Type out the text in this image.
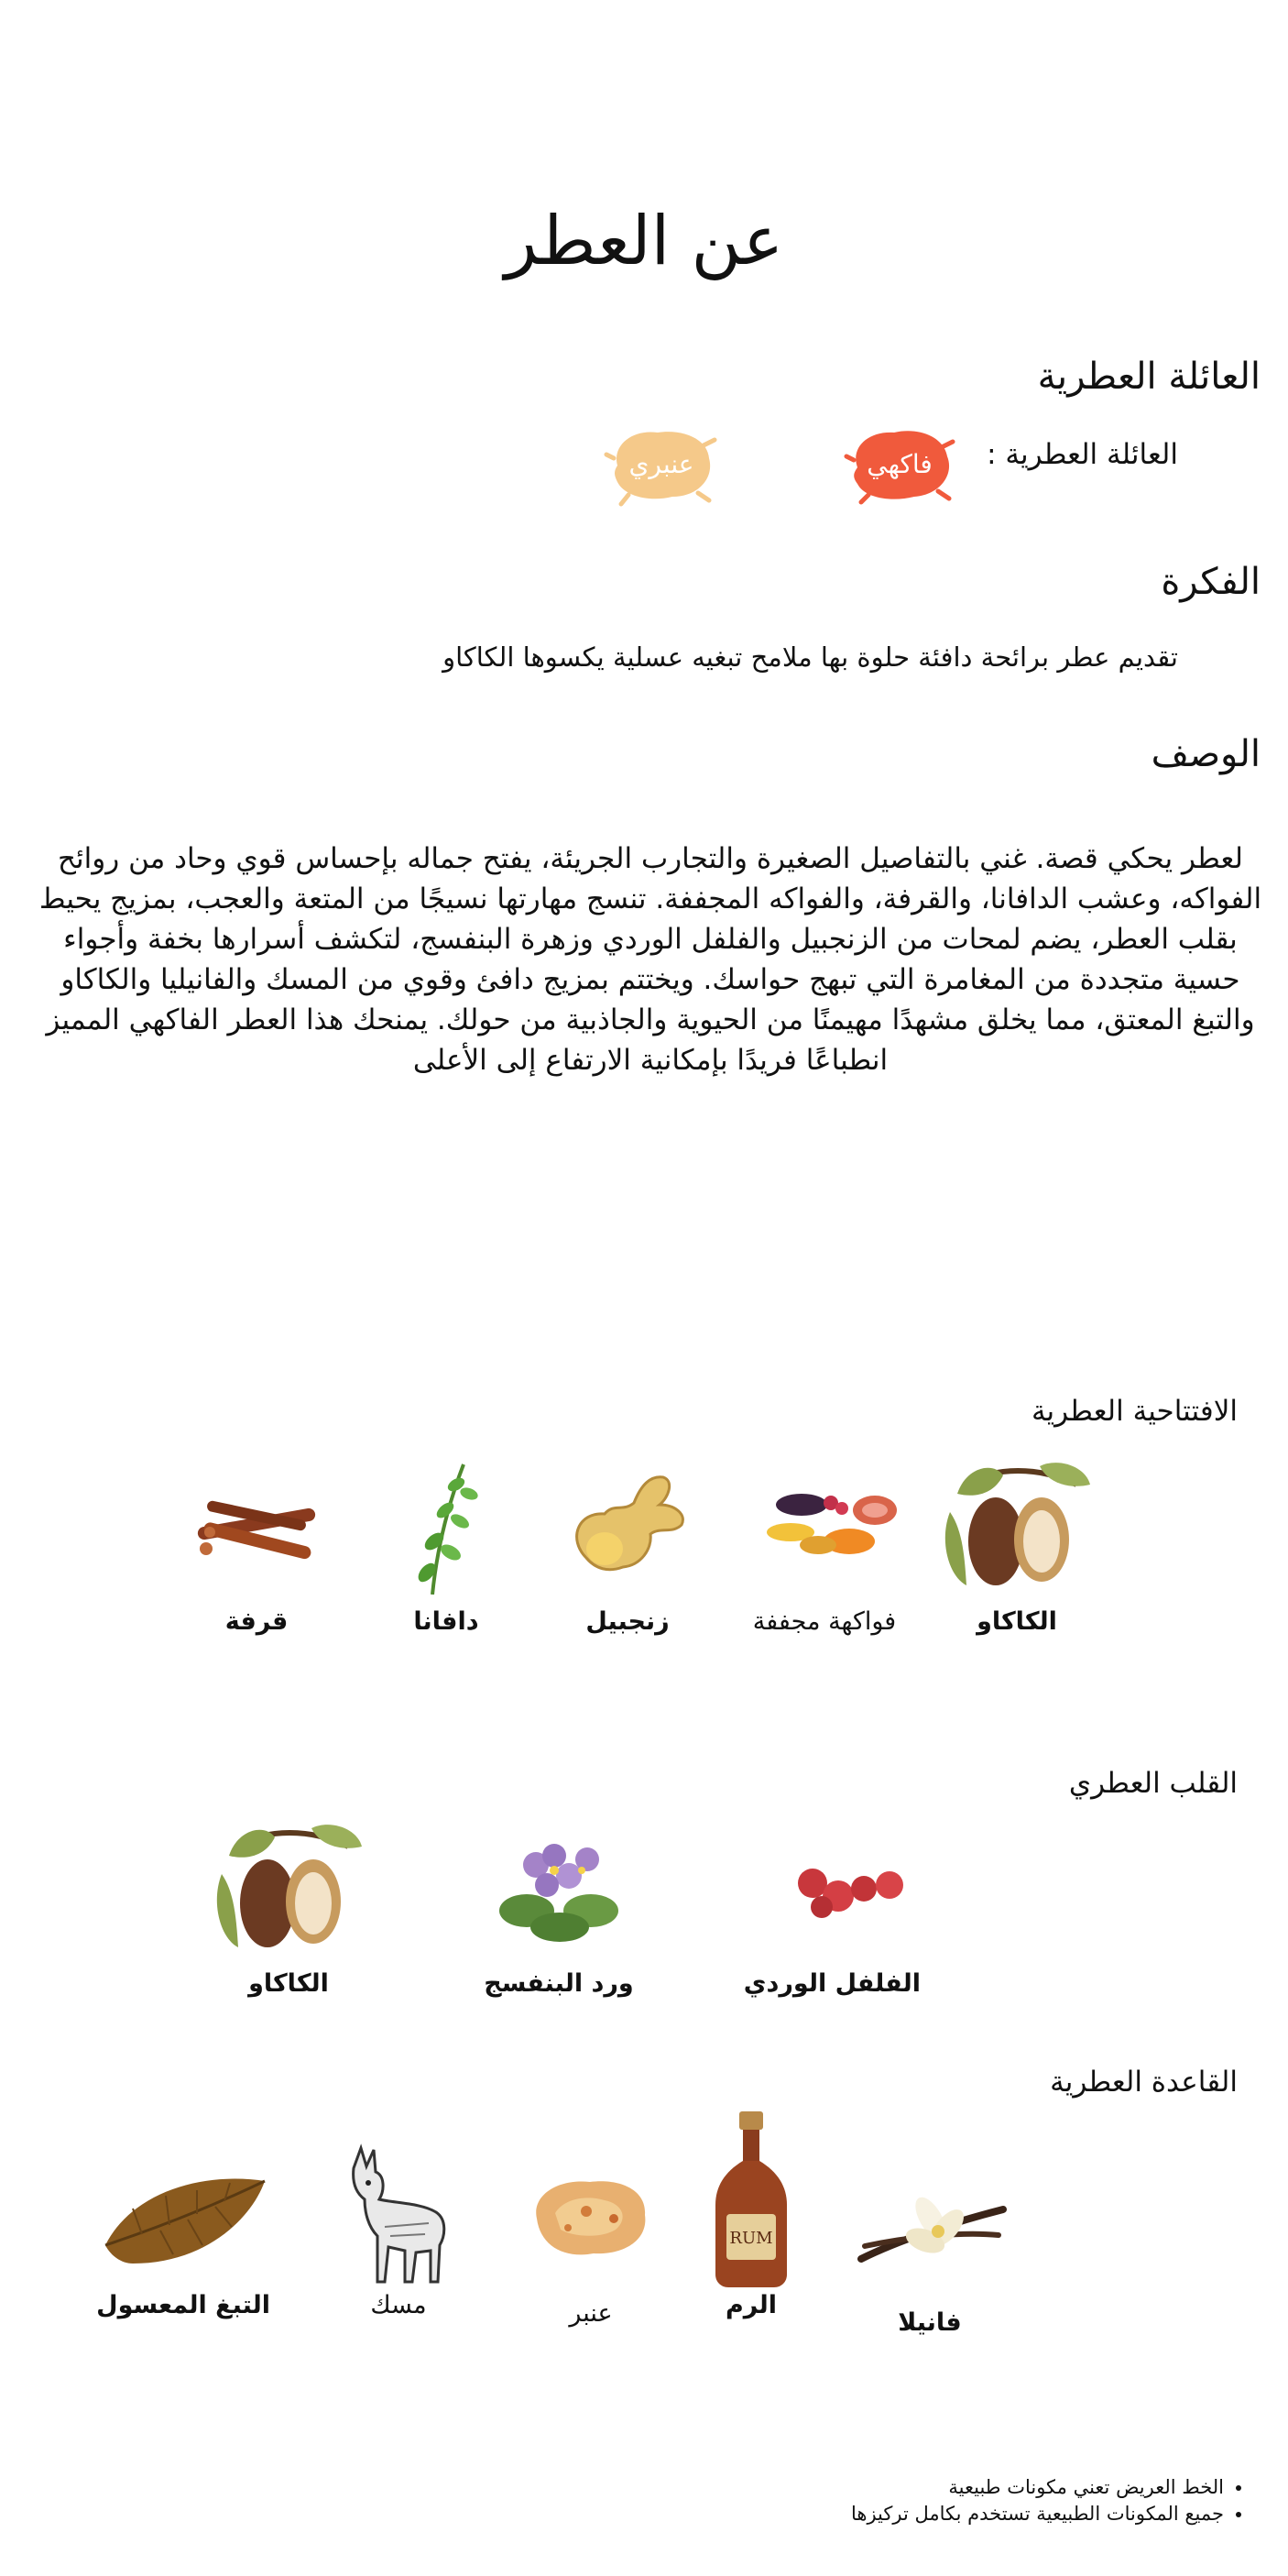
عن العطر
العائلة العطرية
العائلة العطرية :
فاكهي
عنبري
الفكرة
تقديم عطر برائحة دافئة حلوة بها ملامح تبغيه عسلية يكسوها الكاكاو
الوصف

لعطر يحكي قصة. غني بالتفاصيل الصغيرة والتجارب الجريئة، يفتح جماله بإحساس قوي وحاد من روائح الفواكه، وعشب الدافانا، والقرفة، والفواكه المجففة. تنسج مهارتها نسيجًا من المتعة والعجب، بمزيج يحيط بقلب العطر، يضم لمحات من الزنجبيل والفلفل الوردي وزهرة البنفسج، لتكشف أسرارها بخفة وأجواء حسية متجددة من المغامرة التي تبهج حواسك. ويختتم بمزيج دافئ وقوي من المسك والفانيليا والكاكاو والتبغ المعتق، مما يخلق مشهدًا مهيمنًا من الحيوية والجاذبية من حولك. يمنحك هذا العطر الفاكهي المميز انطباعًا فريدًا بإمكانية الارتفاع إلى الأعلى

الافتتاحية العطرية
الكاكاو
فواكهة مجففة
زنجبيل
دافانا
قرفة
القلب العطري
الفلفل الوردي
ورد البنفسج
الكاكاو
القاعدة العطرية
فانيلا
RUM
الرم
عنبر
مسك
التبغ المعسول
• الخط العريض تعني مكونات طبيعية
• جميع المكونات الطبيعية تستخدم بكامل تركيزها
